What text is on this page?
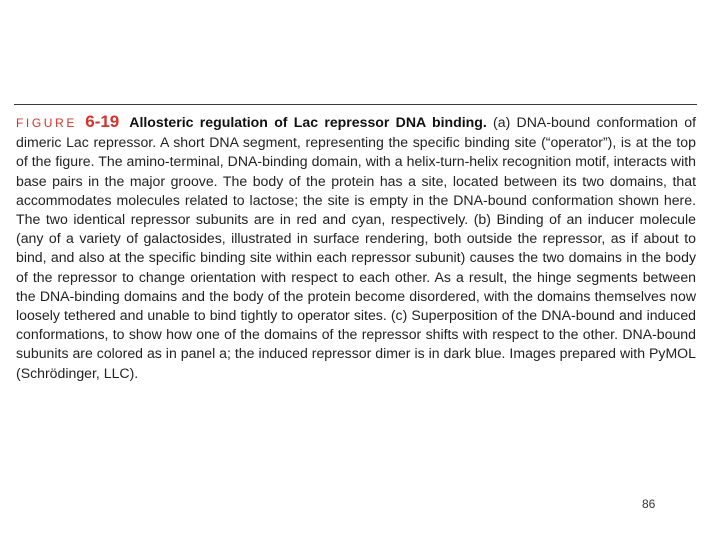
FIGURE 6-19 Allosteric regulation of Lac repressor DNA binding. (a) DNA-bound conformation of dimeric Lac repressor. A short DNA segment, representing the specific binding site (“operator”), is at the top of the figure. The amino-terminal, DNA-binding domain, with a helix-turn-helix recognition motif, interacts with base pairs in the major groove. The body of the protein has a site, located between its two domains, that accommodates molecules related to lactose; the site is empty in the DNA-bound conformation shown here. The two identical repressor subunits are in red and cyan, respectively. (b) Binding of an inducer molecule (any of a variety of galactosides, illustrated in surface rendering, both outside the repressor, as if about to bind, and also at the specific binding site within each repressor subunit) causes the two domains in the body of the repressor to change orientation with respect to each other. As a result, the hinge segments between the DNA-binding domains and the body of the protein become disordered, with the domains themselves now loosely tethered and unable to bind tightly to operator sites. (c) Superposition of the DNA-bound and induced conformations, to show how one of the domains of the repressor shifts with respect to the other. DNA-bound subunits are colored as in panel a; the induced repressor dimer is in dark blue. Images prepared with PyMOL (Schrödinger, LLC).

86
